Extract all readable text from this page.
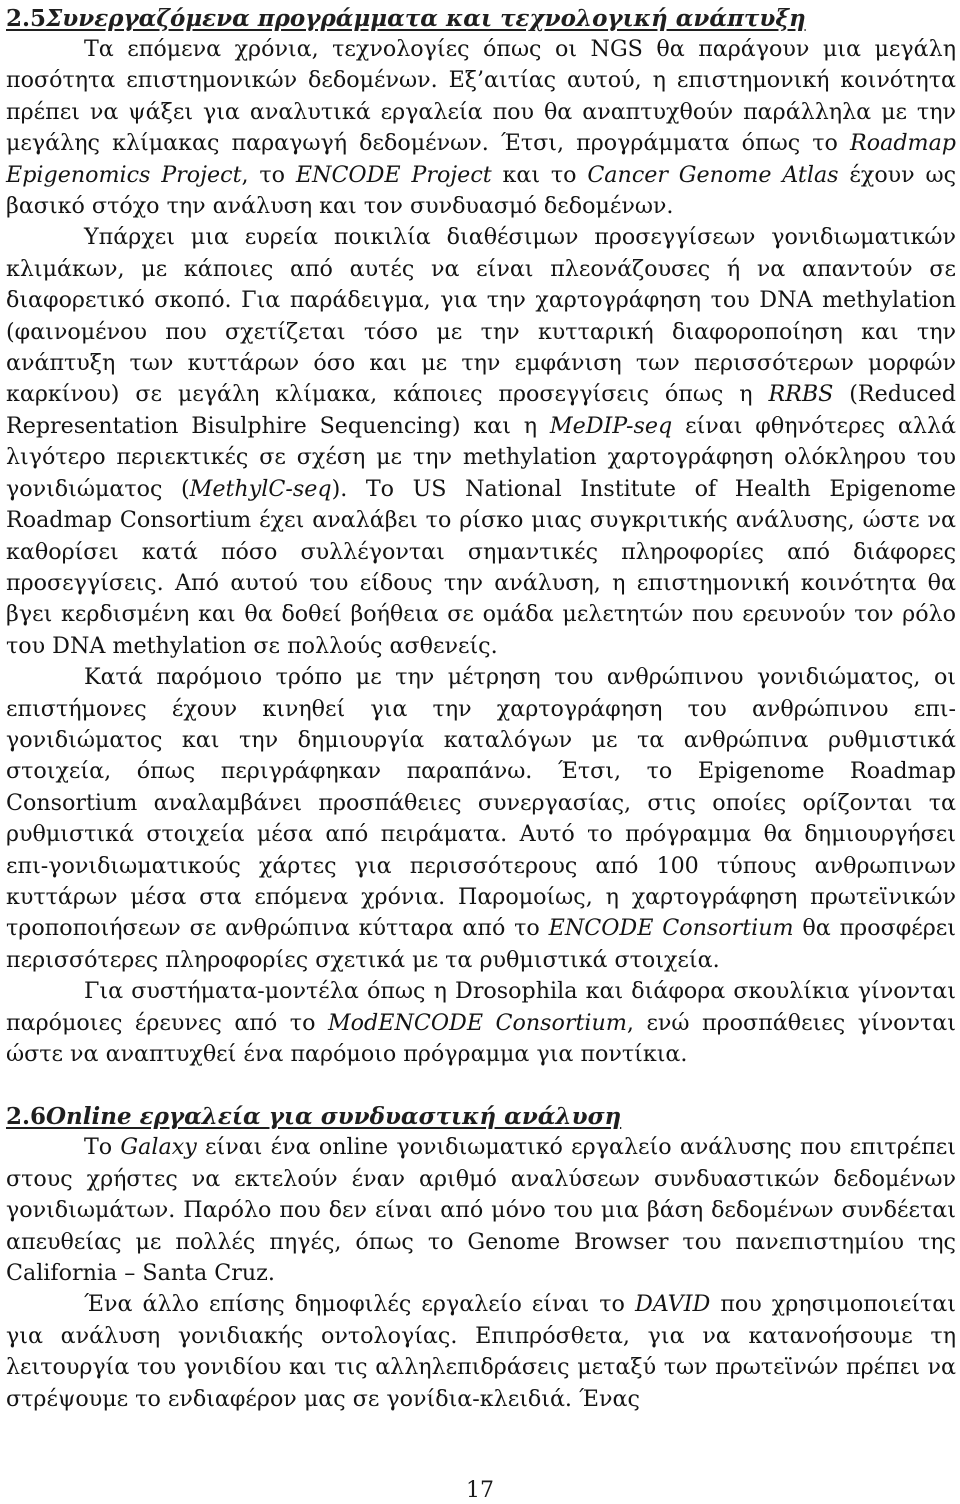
2.5Συνεργαζόμενα προγράμματα και τεχνολογική ανάπτυξη

Τα επόμενα χρόνια, τεχνολογίες όπως οι NGS θα παράγουν μια μεγάλη ποσότητα επιστημονικών δεδομένων. Εξ’αιτίας αυτού, η επιστημονική κοινότητα πρέπει να ψάξει για αναλυτικά εργαλεία που θα αναπτυχθούν παράλληλα με την μεγάλης κλίμακας παραγωγή δεδομένων. Έτσι, προγράμματα όπως το Roadmap Epigenomics Project, το ENCODE Project και το Cancer Genome Atlas έχουν ως βασικό στόχο την ανάλυση και τον συνδυασμό δεδομένων.

Υπάρχει μια ευρεία ποικιλία διαθέσιμων προσεγγίσεων γονιδιωματικών κλιμάκων, με κάποιες από αυτές να είναι πλεονάζουσες ή να απαντούν σε διαφορετικό σκοπό. Για παράδειγμα, για την χαρτογράφηση του DNA methylation (φαινομένου που σχετίζεται τόσο με την κυτταρική διαφοροποίηση και την ανάπτυξη των κυττάρων όσο και με την εμφάνιση των περισσότερων μορφών καρκίνου) σε μεγάλη κλίμακα, κάποιες προσεγγίσεις όπως η RRBS (Reduced Representation Bisulphire Sequencing) και η MeDIP-seq είναι φθηνότερες αλλά λιγότερο περιεκτικές σε σχέση με την methylation χαρτογράφηση ολόκληρου του γονιδιώματος (MethylC-seq). Το US National Institute of Health Epigenome Roadmap Consortium έχει αναλάβει το ρίσκο μιας συγκριτικής ανάλυσης, ώστε να καθορίσει κατά πόσο συλλέγονται σημαντικές πληροφορίες από διάφορες προσεγγίσεις. Από αυτού του είδους την ανάλυση, η επιστημονική κοινότητα θα βγει κερδισμένη και θα δοθεί βοήθεια σε ομάδα μελετητών που ερευνούν τον ρόλο του DNA methylation σε πολλούς ασθενείς.

Κατά παρόμοιο τρόπο με την μέτρηση του ανθρώπινου γονιδιώματος, οι επιστήμονες έχουν κινηθεί για την χαρτογράφηση του ανθρώπινου επι-γονιδιώματος και την δημιουργία καταλόγων με τα ανθρώπινα ρυθμιστικά στοιχεία, όπως περιγράφηκαν παραπάνω. Έτσι, το Epigenome Roadmap Consortium αναλαμβάνει προσπάθειες συνεργασίας, στις οποίες ορίζονται τα ρυθμιστικά στοιχεία μέσα από πειράματα. Αυτό το πρόγραμμα θα δημιουργήσει επι-γονιδιωματικούς χάρτες για περισσότερους από 100 τύπους ανθρωπινων κυττάρων μέσα στα επόμενα χρόνια. Παρομοίως, η χαρτογράφηση πρωτεϊνικών τροποποιήσεων σε ανθρώπινα κύτταρα από το ENCODE Consortium θα προσφέρει περισσότερες πληροφορίες σχετικά με τα ρυθμιστικά στοιχεία.

Για συστήματα-μοντέλα όπως η Drosophila και διάφορα σκουλίκια γίνονται παρόμοιες έρευνες από το ModENCODE Consortium, ενώ προσπάθειες γίνονται ώστε να αναπτυχθεί ένα παρόμοιο πρόγραμμα για ποντίκια.

2.6Online εργαλεία για συνδυαστική ανάλυση

Το Galaxy είναι ένα online γονιδιωματικό εργαλείο ανάλυσης που επιτρέπει στους χρήστες να εκτελούν έναν αριθμό αναλύσεων συνδυαστικών δεδομένων γονιδιωμάτων. Παρόλο που δεν είναι από μόνο του μια βάση δεδομένων συνδέεται απευθείας με πολλές πηγές, όπως το Genome Browser του πανεπιστημίου της California – Santa Cruz.

Ένα άλλο επίσης δημοφιλές εργαλείο είναι το DAVID που χρησιμοποιείται για ανάλυση γονιδιακής οντολογίας. Επιπρόσθετα, για να κατανοήσουμε τη λειτουργία του γονιδίου και τις αλληλεπιδράσεις μεταξύ των πρωτεϊνών πρέπει να στρέψουμε το ενδιαφέρον μας σε γονίδια-κλειδιά. Ένας

17
